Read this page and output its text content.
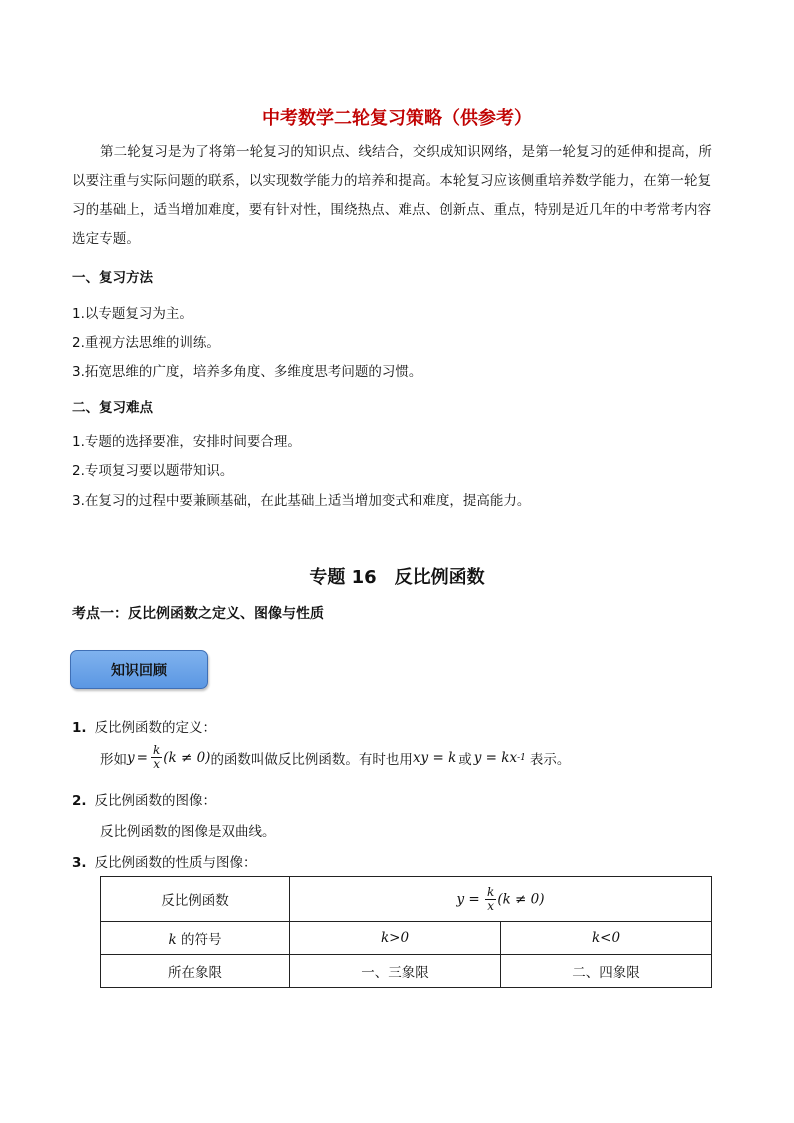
中考数学二轮复习策略（供参考）
第二轮复习是为了将第一轮复习的知识点、线结合，交织成知识网络，是第一轮复习的延伸和提高，所以要注重与实际问题的联系，以实现数学能力的培养和提高。本轮复习应该侧重培养数学能力，在第一轮复习的基础上，适当增加难度，要有针对性，围绕热点、难点、创新点、重点，特别是近几年的中考常考内容选定专题。
一、复习方法
1.以专题复习为主。
2.重视方法思维的训练。
3.拓宽思维的广度，培养多角度、多维度思考问题的习惯。
二、复习难点
1.专题的选择要准，安排时间要合理。
2.专项复习要以题带知识。
3.在复习的过程中要兼顾基础，在此基础上适当增加变式和难度，提高能力。
专题 16　反比例函数
考点一：反比例函数之定义、图像与性质
知识回顾
1. 反比例函数的定义：
形如 $y = \frac{k}{x} (k \ne 0)$ 的函数叫做反比例函数。有时也用 xy = k 或 y = kx -1 表示。
2. 反比例函数的图像：
反比例函数的图像是双曲线。
3. 反比例函数的性质与图像：
反比例函数	$y = \frac{k}{x} (k \ne 0)$	
k 的符号	k>0	k<0
所在象限	一、三象限	二、四象限
